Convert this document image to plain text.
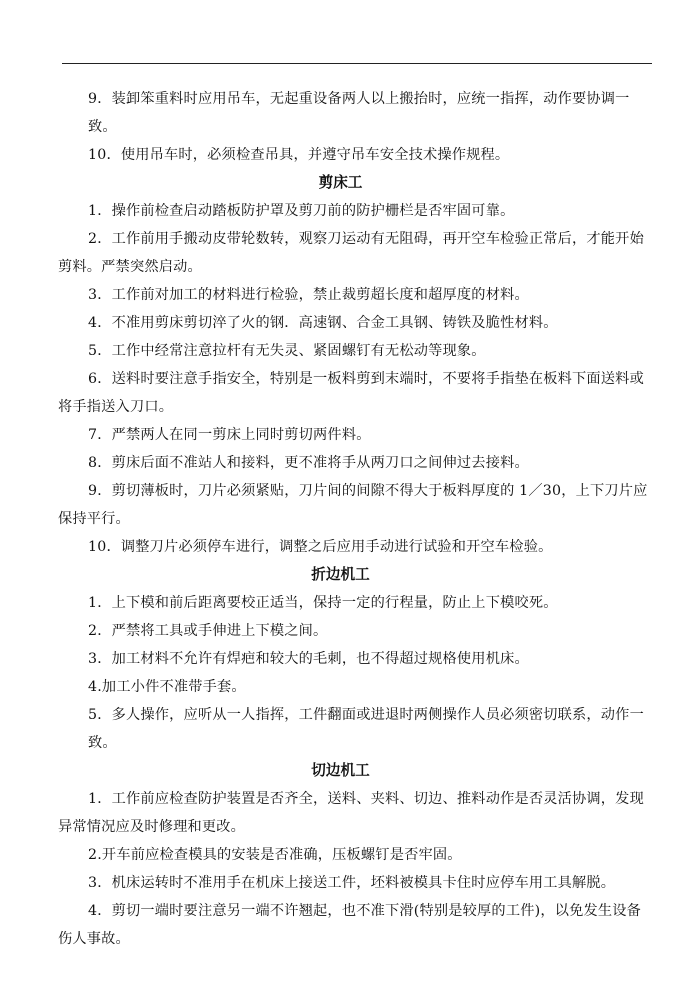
9．装卸笨重料时应用吊车，无起重设备两人以上搬抬时，应统一指挥，动作要协调一致。

10．使用吊车时，必须检查吊具，并遵守吊车安全技术操作规程。

剪床工

1．操作前检查启动踏板防护罩及剪刀前的防护栅栏是否牢固可靠。

2．工作前用手搬动皮带轮数转，观察刀运动有无阻碍，再开空车检验正常后，才能开始剪料。严禁突然启动。

3．工作前对加工的材料进行检验，禁止裁剪超长度和超厚度的材料。

4．不准用剪床剪切淬了火的钢．高速钢、合金工具钢、铸铁及脆性材料。

5．工作中经常注意拉杆有无失灵、紧固螺钉有无松动等现象。

6．送料时要注意手指安全，特别是一板料剪到末端时，不要将手指垫在板料下面送料或将手指送入刀口。

7．严禁两人在同一剪床上同时剪切两件料。

8．剪床后面不准站人和接料，更不准将手从两刀口之间伸过去接料。

9．剪切薄板时，刀片必须紧贴，刀片间的间隙不得大于板料厚度的 1／30，上下刀片应保持平行。

10．调整刀片必须停车进行，调整之后应用手动进行试验和开空车检验。

折边机工

1．上下模和前后距离要校正适当，保持一定的行程量，防止上下模咬死。

2．严禁将工具或手伸进上下模之间。

3．加工材料不允许有焊疤和较大的毛刺，也不得超过规格使用机床。

4.加工小件不准带手套。

5．多人操作，应听从一人指挥，工件翻面或进退时两侧操作人员必须密切联系，动作一致。

切边机工

1．工作前应检查防护装置是否齐全，送料、夹料、切边、推料动作是否灵活协调，发现异常情况应及时修理和更改。

2.开车前应检查模具的安装是否准确，压板螺钉是否牢固。

3．机床运转时不准用手在机床上接送工件，坯料被模具卡住时应停车用工具解脱。

4．剪切一端时要注意另一端不许翘起，也不准下滑(特别是较厚的工件)，以免发生设备伤人事故。
